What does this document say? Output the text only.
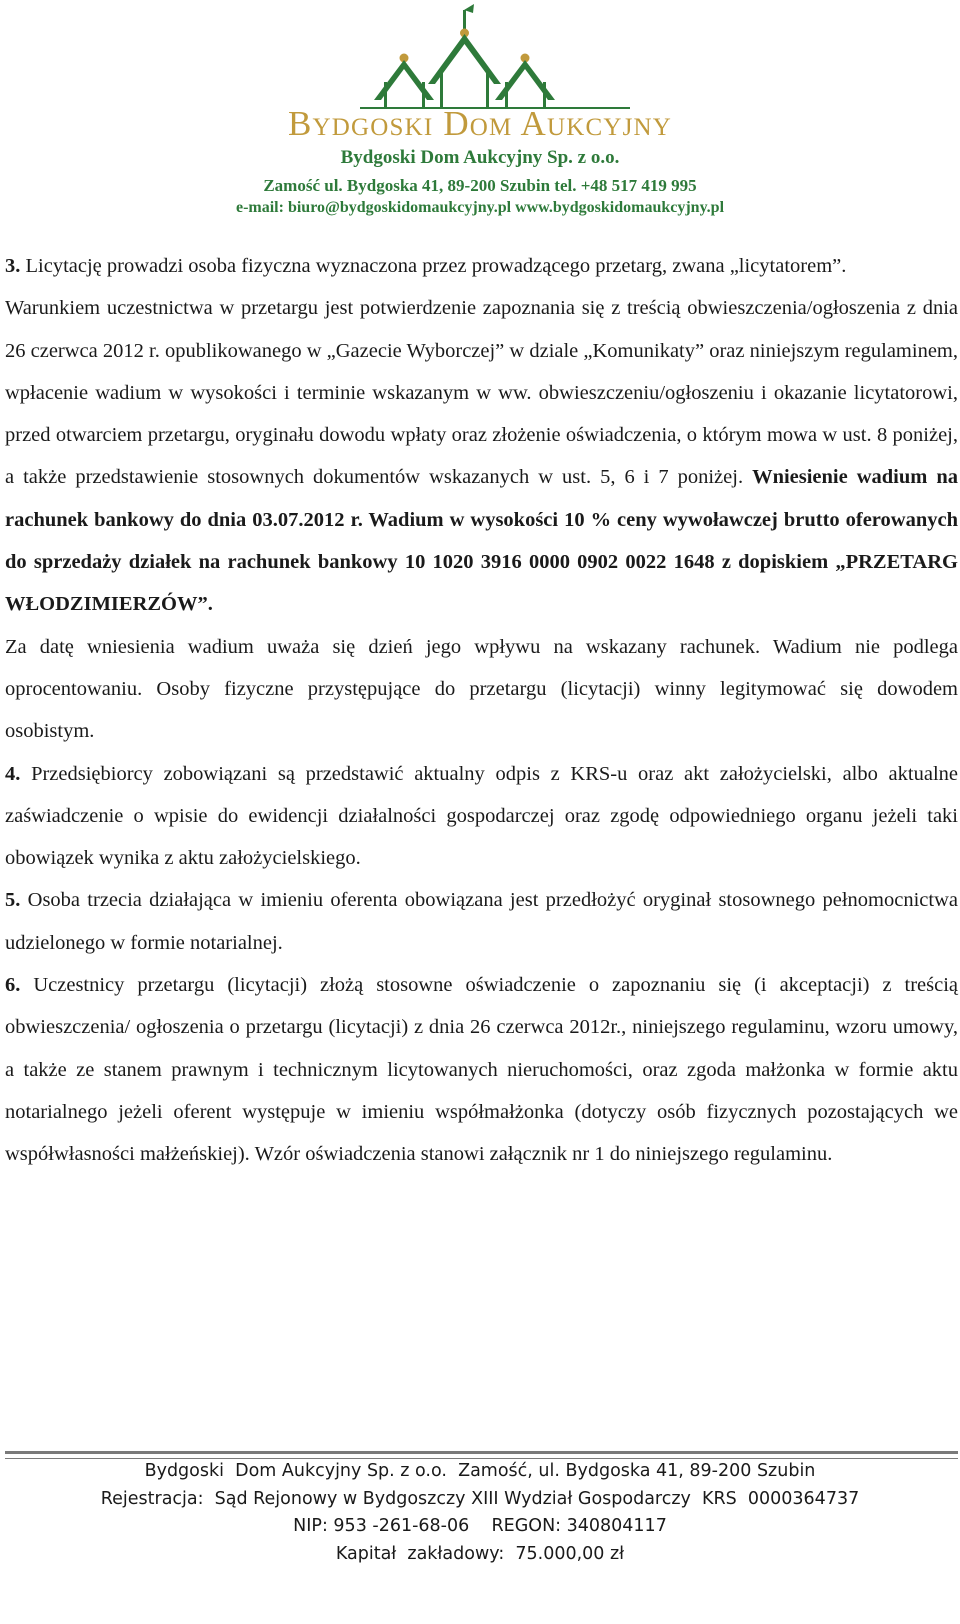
Bydgoski Dom Aukcyjny
Bydgoski Dom Aukcyjny Sp. z o.o.
Zamość ul. Bydgoska 41, 89-200 Szubin tel. +48 517 419 995
e-mail: biuro@bydgoskidomaukcyjny.pl www.bydgoskidomaukcyjny.pl

3. Licytację prowadzi osoba fizyczna wyznaczona przez prowadzącego przetarg, zwana „licytatorem”.

Warunkiem uczestnictwa w przetargu jest potwierdzenie zapoznania się z treścią obwieszczenia/ogłoszenia z dnia 26 czerwca 2012 r. opublikowanego w „Gazecie Wyborczej” w dziale „Komunikaty” oraz niniejszym regulaminem, wpłacenie wadium w wysokości i terminie wskazanym w ww. obwieszczeniu/ogłoszeniu i okazanie licytatorowi, przed otwarciem przetargu, oryginału dowodu wpłaty oraz złożenie oświadczenia, o którym mowa w ust. 8 poniżej, a także przedstawienie stosownych dokumentów wskazanych w ust. 5, 6 i 7 poniżej. Wniesienie wadium na rachunek bankowy do dnia 03.07.2012 r. Wadium w wysokości 10 % ceny wywoławczej brutto oferowanych do sprzedaży działek na rachunek bankowy 10 1020 3916 0000 0902 0022 1648 z dopiskiem „PRZETARG WŁODZIMIERZÓW”.

Za datę wniesienia wadium uważa się dzień jego wpływu na wskazany rachunek. Wadium nie podlega oprocentowaniu. Osoby fizyczne przystępujące do przetargu (licytacji) winny legitymować się dowodem osobistym.

4. Przedsiębiorcy zobowiązani są przedstawić aktualny odpis z KRS-u oraz akt założycielski, albo aktualne zaświadczenie o wpisie do ewidencji działalności gospodarczej oraz zgodę odpowiedniego organu jeżeli taki obowiązek wynika z aktu założycielskiego.

5. Osoba trzecia działająca w imieniu oferenta obowiązana jest przedłożyć oryginał stosownego pełnomocnictwa udzielonego w formie notarialnej.

6. Uczestnicy przetargu (licytacji) złożą stosowne oświadczenie o zapoznaniu się (i akceptacji) z treścią obwieszczenia/ ogłoszenia o przetargu (licytacji) z dnia 26 czerwca 2012r., niniejszego regulaminu, wzoru umowy, a także ze stanem prawnym i technicznym licytowanych nieruchomości, oraz zgoda małżonka w formie aktu notarialnego jeżeli oferent występuje w imieniu współmałżonka (dotyczy osób fizycznych pozostających we współwłasności małżeńskiej). Wzór oświadczenia stanowi załącznik nr 1 do niniejszego regulaminu.

Bydgoski  Dom Aukcyjny Sp. z o.o.  Zamość, ul. Bydgoska 41, 89-200 Szubin
Rejestracja:  Sąd Rejonowy w Bydgoszczy XIII Wydział Gospodarczy  KRS  0000364737
NIP: 953 -261-68-06    REGON: 340804117
Kapitał  zakładowy:  75.000,00 zł
